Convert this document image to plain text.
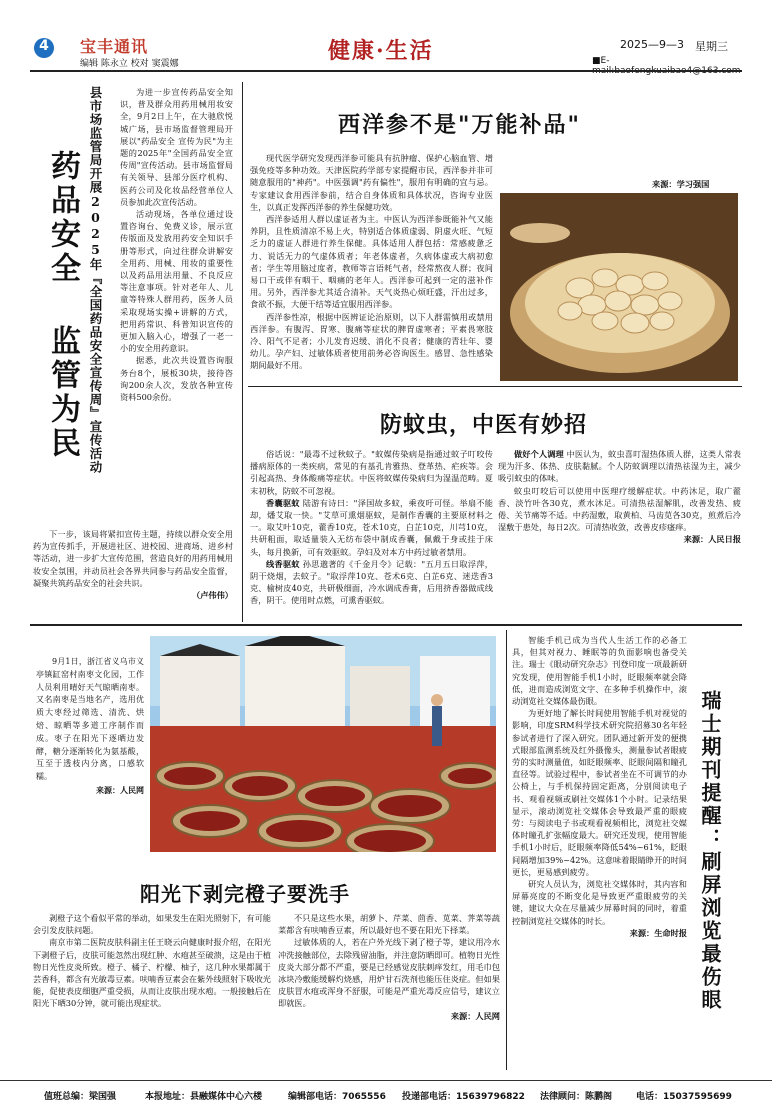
4	宝丰通讯
编辑 陈永立 校对 窦震娜	健康·生活	2025—9—3 星期三
■E-
县市场监管局开展2025年『全国药品安全宣传周』宣传活动
药品安全 监管为民

为进一步宣传药品安全知识，普及群众用药用械用妆安全，9月2日上午，在大驰欣悦城广场，县市场监督管理局开展以"药品安全 宣传为民"为主题的2025年"全国药品安全宣传周"宣传活动。县市场监督局有关领导、县部分医疗机构、医药公司及化妆品经营单位人员参加此次宣传活动。

活动现场，各单位通过设置咨询台、免费义诊，展示宣传版面及发放用药安全知识手册等形式，向过往群众讲解安全用药、用械、用妆的重要性以及药品用法用量、不良反应等注意事项。针对老年人、儿童等特殊人群用药，医务人员采取现场实操+讲解的方式，把用药常识、科普知识宣传的更加入脑入心，增强了一老一小的安全用药意识。

据悉，此次共设置咨询服务台8个，展板30块，接待咨询200余人次，发放各种宣传资料500余份。

下一步，该局将紧扣宣传主题，持续以群众安全用药为宣传抓手，开展进社区、进校园、进商场、进乡村等活动，进一步扩大宣传范围，营造良好的用药用械用妆安全氛围，并动员社会各界共同参与药品安全监督，凝聚共筑药品安全的社会共识。

（卢伟伟）
西洋参不是"万能补品"

现代医学研究发现西洋参可能具有抗肿瘤、保护心脑血管、增强免疫等多种功效。天津医院药学部专家提醒市民，西洋参并非可随意服用的"神药"。中医强调"药有偏性"，服用有明确的宜与忌。专家建议食用西洋参前，结合自身体质和具体状况，咨询专业医生，以真正发挥西洋参的养生保健功效。

西洋参适用人群以虚证者为主。中医认为西洋参既能补气又能养阴，且性质清凉不易上火，特别适合体质虚弱、阴虚火旺、气短乏力的虚证人群进行养生保健。具体适用人群包括：常感疲惫乏力、说话无力的气虚体质者；年老体虚者，久病体虚或大病初愈者；学生等用脑过度者，教师等言语耗气者，经常熬夜人群；夜间易口干或伴有咽干、咽痛的老年人。西洋参可起到一定的滋补作用。另外，西洋参尤其适合清补。天气炎热心烦旺盛，汗出过多，食欲不振，大便干结等适宜服用西洋参。

西洋参性凉，根据中医辨证论治原则，以下人群需慎用或禁用西洋参。有腹泻、胃寒、腹痛等症状的脾胃虚寒者；平素畏寒肢冷、阳气不足者；小儿发育迟缓、消化不良者；健康的青壮年、婴幼儿。孕产妇、过敏体质者使用前务必咨询医生。感冒、急性感染期间最好不用。

来源：学习强国
防蚊虫，中医有妙招

俗话说："最毒不过秋蚊子。"蚊媒传染病是指通过蚊子叮咬传播病原体的一类疾病，常见的有基孔肯雅热、登革热、疟疾等。会引起高热、身体酸痛等症状。中医将蚊媒传染病归为湿温范畴。夏末初秋，防蚊不可忽视。

香囊驱蚊 陆游有诗曰："泽国故多蚊，乘夜吁可怪。举扇不能却，燔艾取一快。"艾草可熏烟驱蚊，是制作香囊的主要原材料之一。取艾叶10克，藿香10克，苍术10克，白芷10克，川芎10克，共研粗面，取适量装入无纺布袋中制成香囊，佩戴于身或挂于床头，每月换新，可有效驱蚊。孕妇及对本方中药过敏者禁用。

线香驱蚊 孙思邈著的《千金月令》记载："五月五日取浮萍，阴干烧烟，去蚊子。"取浮萍10克、苍术6克、白芷6克、迷迭香3克、榆树皮40克，共研极细面，冷水调成香膏，后用挤香器做成线香，阴干。使用时点燃，可熏香驱蚊。

做好个人调理 中医认为，蚊虫喜叮湿热体质人群，这类人常表现为汗多、体热、皮肤黏腻。个人防蚊调理以清热祛湿为主，减少吸引蚊虫的体味。

蚊虫叮咬后可以使用中医理疗缓解症状。中药沐足，取广藿香、淡竹叶各30克，煮水沐足。可清热祛湿解肌，改善发热、疲倦、关节痛等不适。中药湿敷，取黄柏、马齿苋各30克，煎煮后冷湿敷于患处，每日2次。可清热收敛，改善皮疹瘙痒。

来源：人民日报

9月1日，浙江省义乌市义亭镇缸窑村南枣文化园，工作人员利用晴好天气晾晒南枣。又名南枣是当地名产，选用优质大枣经过筛选、清洗、烘焙、晾晒等多道工序制作而成。枣子在阳光下逐晒边发酵，糖分逐渐转化为氨基酸，互至于透枝内分离，口感软糯。

来源：人民网
阳光下剥完橙子要洗手

剥橙子这个看似平常的举动，如果发生在阳光照射下，有可能会引发皮肤问题。

南京市第二医院皮肤科副主任王晓云向健康时报介绍，在阳光下剥橙子后，皮肤可能忽然出现红肿、水疱甚至破溃，这是由于植物日光性皮炎所致。橙子、橘子、柠檬、柚子，这几种水果都属于芸香科，都含有光敏毒豆素。呋喃香豆素会在紫外线照射下吸收光能，促使表皮细胞严重受损，从而让皮肤出现水疱。一般接触后在阳光下晒30分钟，就可能出现症状。

不只是这些水果，胡萝卜、芹菜、茴香、苋菜、荠菜等蔬菜都含有呋喃香豆素，所以最好也不要在阳光下择菜。

过敏体质的人，若在户外光线下剥了橙子等，建议用冷水冲洗接触部位，去除残留油脂，并注意防晒即可。植物日光性皮炎大部分都不严重，要是已经感觉皮肤刺痒发红，用毛巾包冰块冷敷能缓解灼烧感，用炉甘石洗剂也能压住炎症。但如果皮肤冒水疱或浑身不舒服，可能是严重光毒反应信号，建议立即就医。

来源：人民网

智能手机已成为当代人生活工作的必备工具，但其对视力、睡眠等的负面影响也备受关注。瑞士《眼动研究杂志》刊登印度一项最新研究发现，使用智能手机1小时，眨眼频率就会降低，进而造成浏览文字、在多种手机操作中，滚动浏览社交媒体最伤眼。

为更好地了解长时间使用智能手机对视觉的影响，印度SRM科学技术研究院招募30名年轻参试者进行了深入研究。团队通过新开发的便携式眼部监测系统及红外摄像头，测量参试者眼疲劳的实时测量值，如眨眼频率、眨眼间隔和瞳孔直径等。试验过程中，参试者坐在不可调节的办公椅上，与手机保持固定距离，分别阅读电子书、观看视频或刷社交媒体1个小时。记录结果显示，滚动浏览社交媒体会导致最严重的眼疲劳：与阅读电子书或观看视频相比，浏览社交媒体时瞳孔扩张幅度最大。研究还发现，使用智能手机1小时后，眨眼频率降低54%~61%，眨眼间隔增加39%~42%。这意味着眼睛睁开的时间更长，更易感到疲劳。

研究人员认为，浏览社交媒体时，其内容和屏幕亮度的不断变化是导致更严重眼疲劳的关键，建议大众在尽量减少屏幕时间的同时，着重控制浏览社交媒体的时长。

来源：生命时报 瑞士期刊提醒：刷屏浏览最伤眼
值班总编：梁国强	本报地址：县融媒体中心六楼	编辑部电话：7065556 投递部电话：15639796822 法律顾问：陈鹏阁	电话：15037595699
